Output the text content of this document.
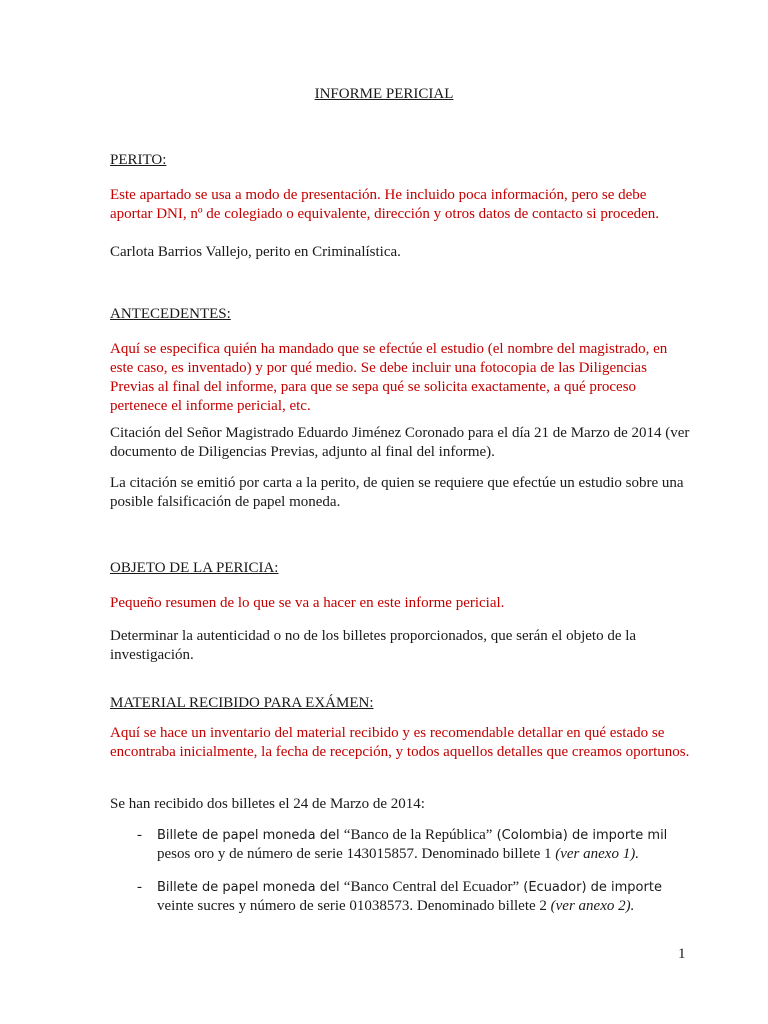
INFORME PERICIAL
PERITO:

Este apartado se usa a modo de presentación. He incluido poca información, pero se debe aportar DNI, nº de colegiado o equivalente, dirección y otros datos de contacto si proceden.

Carlota Barrios Vallejo, perito en Criminalística.

ANTECEDENTES:

Aquí se especifica quién ha mandado que se efectúe el estudio (el nombre del magistrado, en este caso, es inventado) y por qué medio. Se debe incluir una fotocopia de las Diligencias Previas al final del informe, para que se sepa qué se solicita exactamente, a qué proceso pertenece el informe pericial, etc.

Citación del Señor Magistrado Eduardo Jiménez Coronado para el día 21 de Marzo de 2014 (ver documento de Diligencias Previas, adjunto al final del informe).

La citación se emitió por carta a la perito, de quien se requiere que efectúe un estudio sobre una posible falsificación de papel moneda.

OBJETO DE LA PERICIA:

Pequeño resumen de lo que se va a hacer en este informe pericial.

Determinar la autenticidad o no de los billetes proporcionados, que serán el objeto de la investigación.

MATERIAL RECIBIDO PARA EXÁMEN:

Aquí se hace un inventario del material recibido y es recomendable detallar en qué estado se encontraba inicialmente, la fecha de recepción, y todos aquellos detalles que creamos oportunos.

Se han recibido dos billetes el 24 de Marzo de 2014:

- Billete de papel moneda del “Banco de la República” (Colombia) de importe mil
pesos oro y de número de serie 143015857. Denominado billete 1 (ver anexo 1).
- Billete de papel moneda del “Banco Central del Ecuador” (Ecuador) de importe
veinte sucres y número de serie 01038573. Denominado billete 2 (ver anexo 2).
1
